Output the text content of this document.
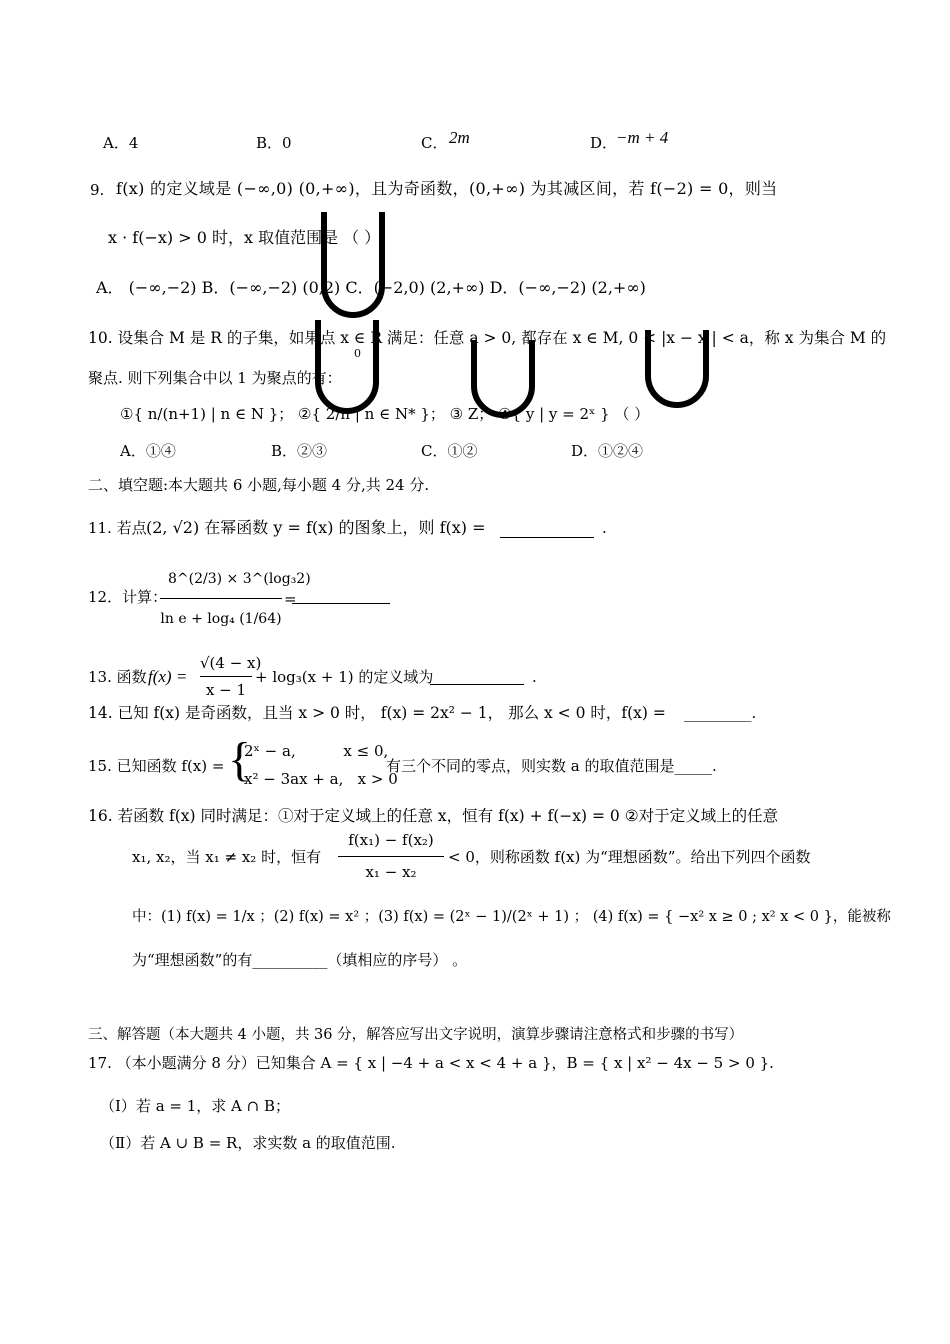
A．4	B．0	C． 2m	D．
−m + 4
9. f(x) 的定义域是 (−∞,0) (0,+∞)，且为奇函数，(0,+∞) 为其减区间，若 f(−2) = 0，则当
x · f(−x) > 0 时，x 取值范围是 （ ）
A． (−∞,−2) B．(−∞,−2) (0,2) C．(−2,0) (2,+∞) D．(−∞,−2) (2,+∞)
10. 设集合 M 是 R 的子集，如果点 x ∈ R 满足：任意 a > 0, 都存在 x ∈ M, 0 < |x − x | < a，称 x 为集合 M 的
0
聚点. 则下列集合中以 1 为聚点的有：
①{ n/(n+1) | n ∈ N }； ②{ 2/n | n ∈ N* }； ③ Z； ④{ y | y = 2ˣ } （ ）
A．①④	B．②③	C．①②	D．①②④
二、填空题:本大题共 6 小题,每小题 4 分,共 24 分.
11. 若点 (2, √2) 在幂函数 y = f(x) 的图象上，则 f(x) =	.
12．计算：
8^(2/3) × 3^(log₃2)
ln e + log₄ (1/64)
=
13. 函数 f(x) =
√(4 − x)
x − 1
+ log₃(x + 1) 的定义域为	.
14. 已知 f(x) 是奇函数，且当 x > 0 时， f(x) = 2x² − 1， 那么 x < 0 时，f(x) = _________.
15. 已知函数 f(x) = {
2ˣ − a,          x ≤ 0,
x² − 3ax + a,   x > 0
有三个不同的零点，则实数 a 的取值范围是_____.
16. 若函数 f(x) 同时满足：①对于定义域上的任意 x，恒有 f(x) + f(−x) = 0 ②对于定义域上的任意
x₁, x₂，当 x₁ ≠ x₂ 时，恒有
f(x₁) − f(x₂)
x₁ − x₂
< 0，则称函数 f(x) 为“理想函数”。给出下列四个函数
中：(1) f(x) = 1/x ；(2) f(x) = x² ；(3) f(x) = (2ˣ − 1)/(2ˣ + 1) ； (4) f(x) = { −x² x ≥ 0 ; x² x < 0 }，能被称
为“理想函数”的有__________（填相应的序号） 。
三、解答题（本大题共 4 小题，共 36 分，解答应写出文字说明，演算步骤请注意格式和步骤的书写）
17. （本小题满分 8 分）已知集合 A = { x | −4 + a < x < 4 + a }，B = { x | x² − 4x − 5 > 0 }.
（Ⅰ）若 a = 1，求 A ∩ B；
（Ⅱ）若 A ∪ B = R，求实数 a 的取值范围.
